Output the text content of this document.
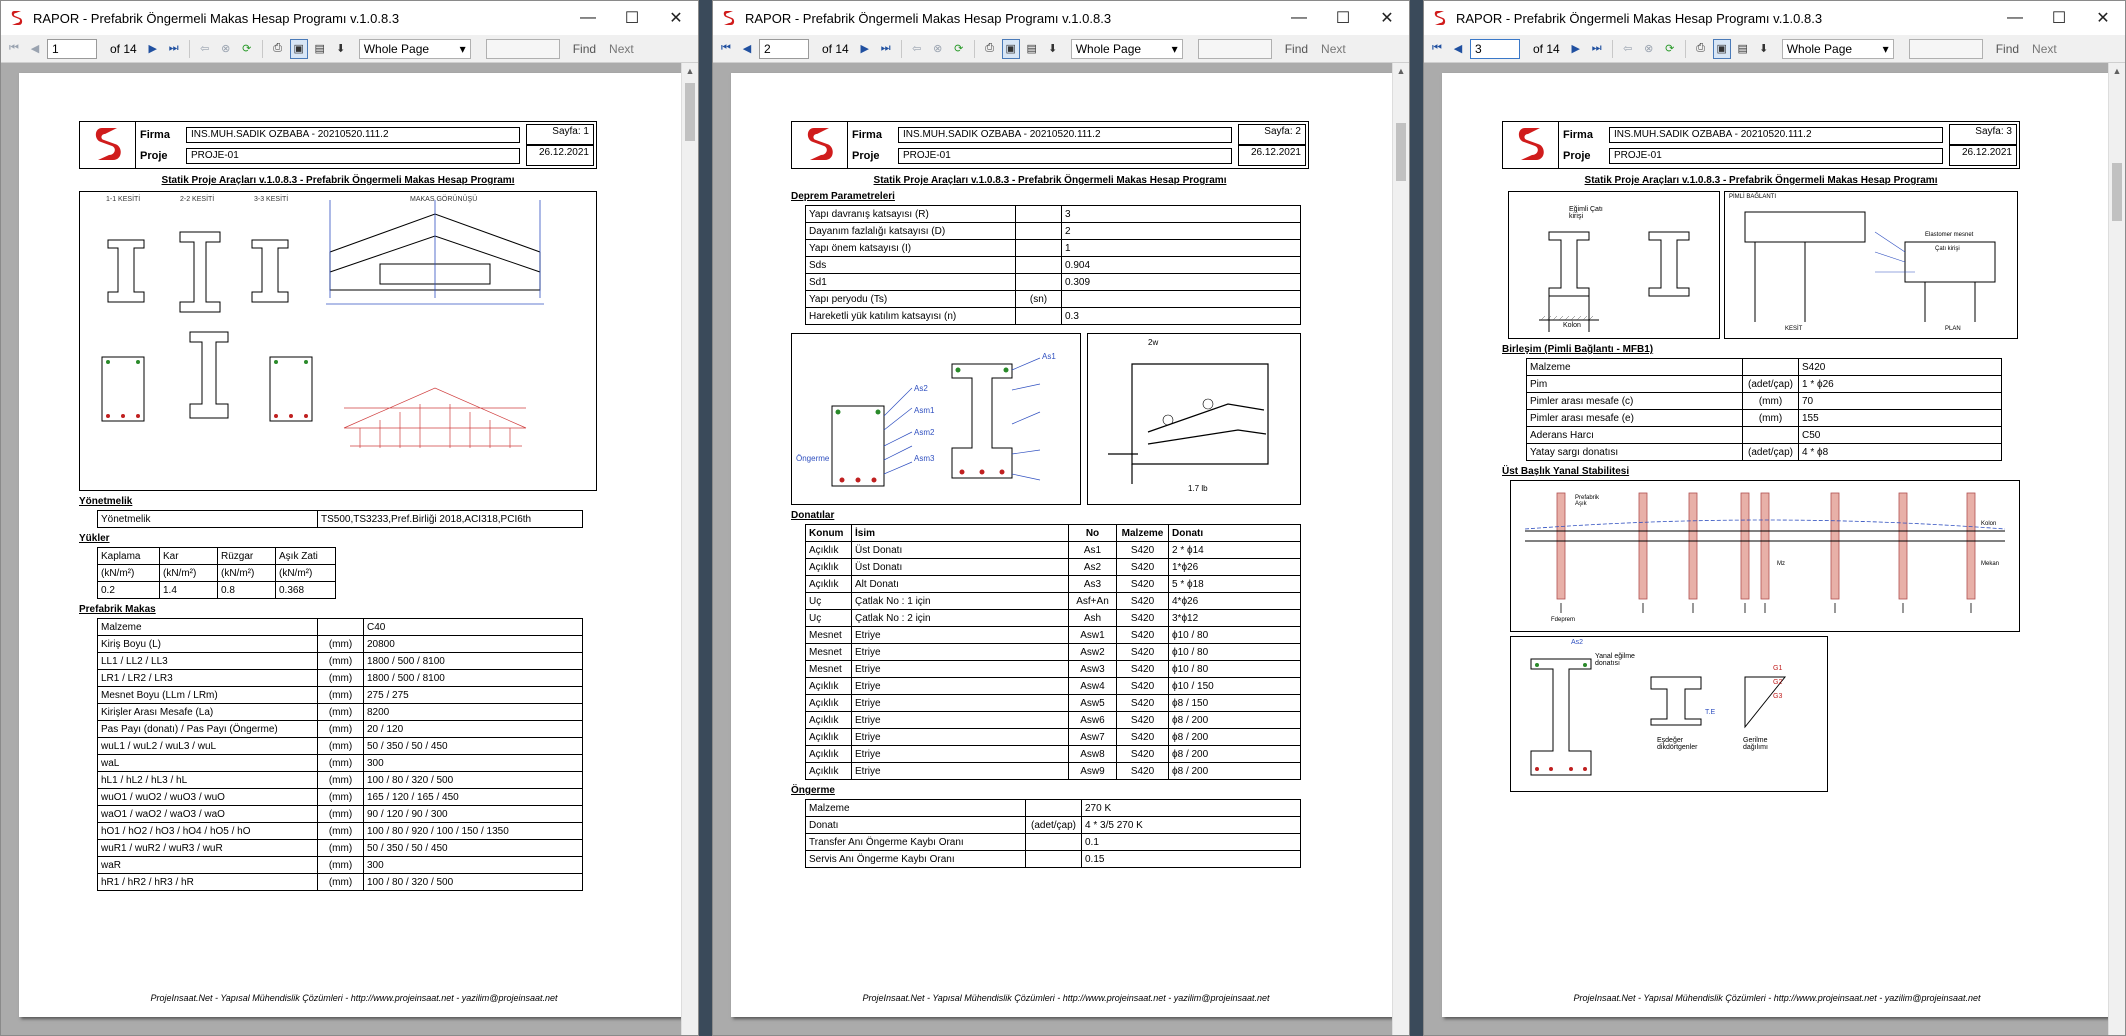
RAPOR - Prefabrik Öngermeli Makas Hesap Programı v.1.0.8.3	—	☐	✕
⏮	◀
1	of 14	▶	⏭	⇦	⊗	⟳	⎙	▣ ▤	⬇	Whole Page	▾	Find Next
Firma	INS.MUH.SADIK OZBABA - 20210520.111.2
Proje	PROJE-01
Sayfa: 1
26.12.2021
Statik Proje Araçları v.1.0.8.3 - Prefabrik Öngermeli Makas Hesap Programı
1-1 KESİTİ	2-2 KESİTİ	3-3 KESİTİ	MAKAS GÖRÜNÜŞÜ
Yönetmelik
Yönetmelik	TS500,TS3233,Pref.Birliği 2018,ACI318,PCI6th
Yükler
Kaplama	Kar	Rüzgar	Aşık Zati
(kN/m²)	(kN/m²)	(kN/m²)	(kN/m²)
0.2	1.4	0.8	0.368
Prefabrik Makas
Malzeme		C40
Kiriş Boyu (L)	(mm)	20800
LL1 / LL2 / LL3	(mm)	1800 / 500 / 8100
LR1 / LR2 / LR3	(mm)	1800 / 500 / 8100
Mesnet Boyu (LLm / LRm)	(mm)	275 / 275
Kirişler Arası Mesafe (La)	(mm)	8200
Pas Payı (donatı) / Pas Payı (Öngerme)	(mm)	20 / 120
wuL1 / wuL2 / wuL3 / wuL	(mm)	50 / 350 / 50 / 450
waL	(mm)	300
hL1 / hL2 / hL3 / hL	(mm)	100 / 80 / 320 / 500
wuO1 / wuO2 / wuO3 / wuO	(mm)	165 / 120 / 165 / 450
waO1 / waO2 / waO3 / waO	(mm)	90 / 120 / 90 / 300
hO1 / hO2 / hO3 / hO4 / hO5 / hO	(mm)	100 / 80 / 920 / 100 / 150 / 1350
wuR1 / wuR2 / wuR3 / wuR	(mm)	50 / 350 / 50 / 450
waR	(mm)	300
hR1 / hR2 / hR3 / hR	(mm)	100 / 80 / 320 / 500
ProjeInsaat.Net - Yapısal Mühendislik Çözümleri - http://www.projeinsaat.net - yazilim@projeinsaat.net
▲
RAPOR - Prefabrik Öngermeli Makas Hesap Programı v.1.0.8.3	—	☐	✕
⏮	◀
2	of 14	▶	⏭	⇦	⊗	⟳	⎙	▣ ▤	⬇	Whole Page	▾	Find Next
Firma	INS.MUH.SADIK OZBABA - 20210520.111.2
Proje	PROJE-01
Sayfa: 2
26.12.2021
Statik Proje Araçları v.1.0.8.3 - Prefabrik Öngermeli Makas Hesap Programı
Deprem Parametreleri
Yapı davranış katsayısı (R)		3
Dayanım fazlalığı katsayısı (D)		2
Yapı önem katsayısı (I)		1
Sds		0.904
Sd1		0.309
Yapı peryodu (Ts)	(sn)	
Hareketli yük katılım katsayısı (n)		0.3
As1
As2
Asm1
Asm2
Asm3
Öngerme
2w
1.7 lb
Donatılar
Konum	İsim	No	Malzeme	Donatı
Açıklık	Üst Donatı	As1	S420	2 * ϕ14
Açıklık	Üst Donatı	As2	S420	1*ϕ26
Açıklık	Alt Donatı	As3	S420	5 * ϕ18
Uç	Çatlak No : 1 için	Asf+An	S420	4*ϕ26
Uç	Çatlak No : 2 için	Ash	S420	3*ϕ12
Mesnet	Etriye	Asw1	S420	ϕ10 / 80
Mesnet	Etriye	Asw2	S420	ϕ10 / 80
Mesnet	Etriye	Asw3	S420	ϕ10 / 80
Açıklık	Etriye	Asw4	S420	ϕ10 / 150
Açıklık	Etriye	Asw5	S420	ϕ8 / 150
Açıklık	Etriye	Asw6	S420	ϕ8 / 200
Açıklık	Etriye	Asw7	S420	ϕ8 / 200
Açıklık	Etriye	Asw8	S420	ϕ8 / 200
Açıklık	Etriye	Asw9	S420	ϕ8 / 200
Öngerme
Malzeme		270 K
Donatı	(adet/çap)	4 * 3/5 270 K
Transfer Anı Öngerme Kaybı Oranı		0.1
Servis Anı Öngerme Kaybı Oranı		0.15
ProjeInsaat.Net - Yapısal Mühendislik Çözümleri - http://www.projeinsaat.net - yazilim@projeinsaat.net
▲
RAPOR - Prefabrik Öngermeli Makas Hesap Programı v.1.0.8.3	—	☐	✕
⏮	◀
3	of 14	▶	⏭	⇦	⊗	⟳	⎙	▣ ▤	⬇	Whole Page	▾	Find Next
Firma	INS.MUH.SADIK OZBABA - 20210520.111.2
Proje	PROJE-01
Sayfa: 3
26.12.2021
Statik Proje Araçları v.1.0.8.3 - Prefabrik Öngermeli Makas Hesap Programı
Eğimli Çatı kirişi
Kolon
PİMLİ BAĞLANTI
Elastomer mesnet
Çatı kirişi
KESİT	PLAN
Birleşim (Pimli Bağlantı - MFB1)
Malzeme		S420
Pim	(adet/çap)	1 * ϕ26
Pimler arası mesafe (c)	(mm)	70
Pimler arası mesafe (e)	(mm)	155
Aderans Harcı		C50
Yatay sargı donatısı	(adet/çap)	4 * ϕ8
Üst Başlık Yanal Stabilitesi
Prefabrik Aşık
Kolon
Mekan
Mz
Fdeprem
As2
Yanal eğilme donatısı
Eşdeğer dikdörtgenler
Gerilme dağılımı
T.E
G1
G2
G3
ProjeInsaat.Net - Yapısal Mühendislik Çözümleri - http://www.projeinsaat.net - yazilim@projeinsaat.net
▲
